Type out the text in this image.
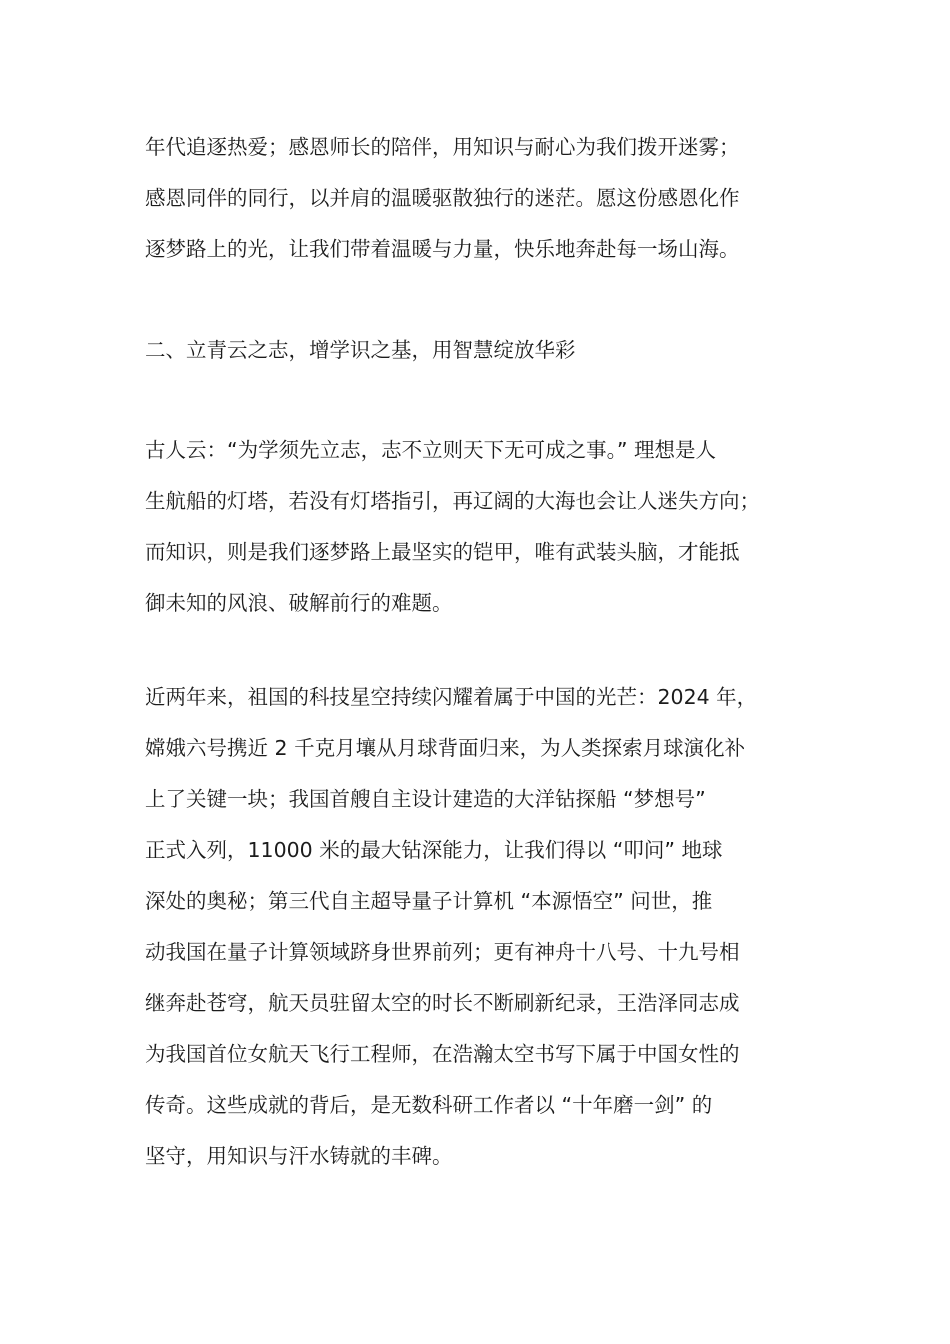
年代追逐热爱；感恩师长的陪伴，用知识与耐心为我们拨开迷雾；
感恩同伴的同行，以并肩的温暖驱散独行的迷茫。愿这份感恩化作
逐梦路上的光，让我们带着温暖与力量，快乐地奔赴每一场山海。
二、立青云之志，增学识之基，用智慧绽放华彩
古人云：“为学须先立志，志不立则天下无可成之事。” 理想是人
生航船的灯塔，若没有灯塔指引，再辽阔的大海也会让人迷失方向；
而知识，则是我们逐梦路上最坚实的铠甲，唯有武装头脑，才能抵
御未知的风浪、破解前行的难题。
近两年来，祖国的科技星空持续闪耀着属于中国的光芒：2024 年，
嫦娥六号携近 2 千克月壤从月球背面归来，为人类探索月球演化补
上了关键一块；我国首艘自主设计建造的大洋钻探船 “梦想号”
正式入列，11000 米的最大钻深能力，让我们得以 “叩问” 地球
深处的奥秘；第三代自主超导量子计算机 “本源悟空” 问世，推
动我国在量子计算领域跻身世界前列；更有神舟十八号、十九号相
继奔赴苍穹，航天员驻留太空的时长不断刷新纪录，王浩泽同志成
为我国首位女航天飞行工程师，在浩瀚太空书写下属于中国女性的
传奇。这些成就的背后，是无数科研工作者以 “十年磨一剑” 的
坚守，用知识与汗水铸就的丰碑。
